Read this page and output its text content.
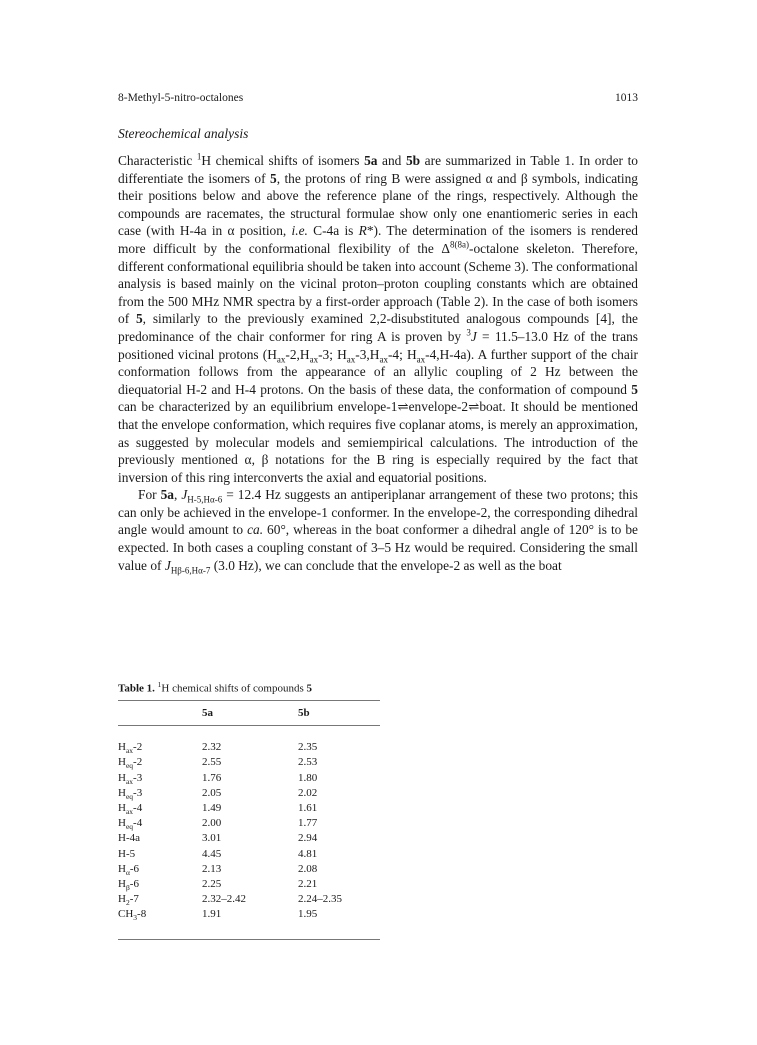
8-Methyl-5-nitro-octalones	1013
Stereochemical analysis

Characteristic $^1$H chemical shifts of isomers 5a and 5b are summarized in Table 1. In order to differentiate the isomers of 5, the protons of ring B were assigned α and β symbols, indicating their positions below and above the reference plane of the rings, respectively. Although the compounds are racemates, the structural formulae show only one enantiomeric series in each case (with H-4a in α position, i.e. C-4a is R*). The determination of the isomers is rendered more difficult by the conformational flexibility of the $\Delta^{8(8a)}$-octalone skeleton. Therefore, different conformational equilibria should be taken into account (Scheme 3). The conformational analysis is based mainly on the vicinal proton–proton coupling constants which are obtained from the 500 MHz NMR spectra by a first-order approach (Table 2). In the case of both isomers of 5, similarly to the previously examined 2,2-disubstituted analogous compounds [4], the predominance of the chair conformer for ring A is proven by $^3$J = 11.5–13.0 Hz of the trans positioned vicinal protons ($H_{ax}-2,H_{ax}-3$; $H_{ax}-3,H_{ax}-4$; $H_{ax}-4,H-4a$). A further support of the chair conformation follows from the appearance of an allylic coupling of 2 Hz between the diequatorial H-2 and H-4 protons. On the basis of these data, the conformation of compound 5 can be characterized by an equilibrium envelope-1⇌envelope-2⇌boat. It should be mentioned that the envelope conformation, which requires five coplanar atoms, is merely an approximation, as suggested by molecular models and semiempirical calculations. The introduction of the previously mentioned α, β notations for the B ring is especially required by the fact that inversion of this ring interconverts the axial and equatorial positions.

For 5a, $J_{H-5,H\alpha-6} = 12.4$ Hz suggests an antiperiplanar arrangement of these two protons; this can only be achieved in the envelope-1 conformer. In the envelope-2, the corresponding dihedral angle would amount to ca. 60°, whereas in the boat conformer a dihedral angle of 120° is to be expected. In both cases a coupling constant of 3–5 Hz would be required. Considering the small value of $J_{H\beta-6,H\alpha-7}$ (3.0 Hz), we can conclude that the envelope-2 as well as the boat

Table 1. $^1$H chemical shifts of compounds 5
	5a	5b

$H_{ax}-2$	2.32	2.35
$H_{eq}-2$	2.55	2.53
$H_{ax}-3$	1.76	1.80
$H_{eq}-3$	2.05	2.02
$H_{ax}-4$	1.49	1.61
$H_{eq}-4$	2.00	1.77
H-4a	3.01	2.94
H-5	4.45	4.81
$H_\alpha-6$	2.13	2.08
$H_\beta-6$	2.25	2.21
$H_2-7$	2.32–2.42	2.24–2.35
$CH_3-8$	1.91	1.95
